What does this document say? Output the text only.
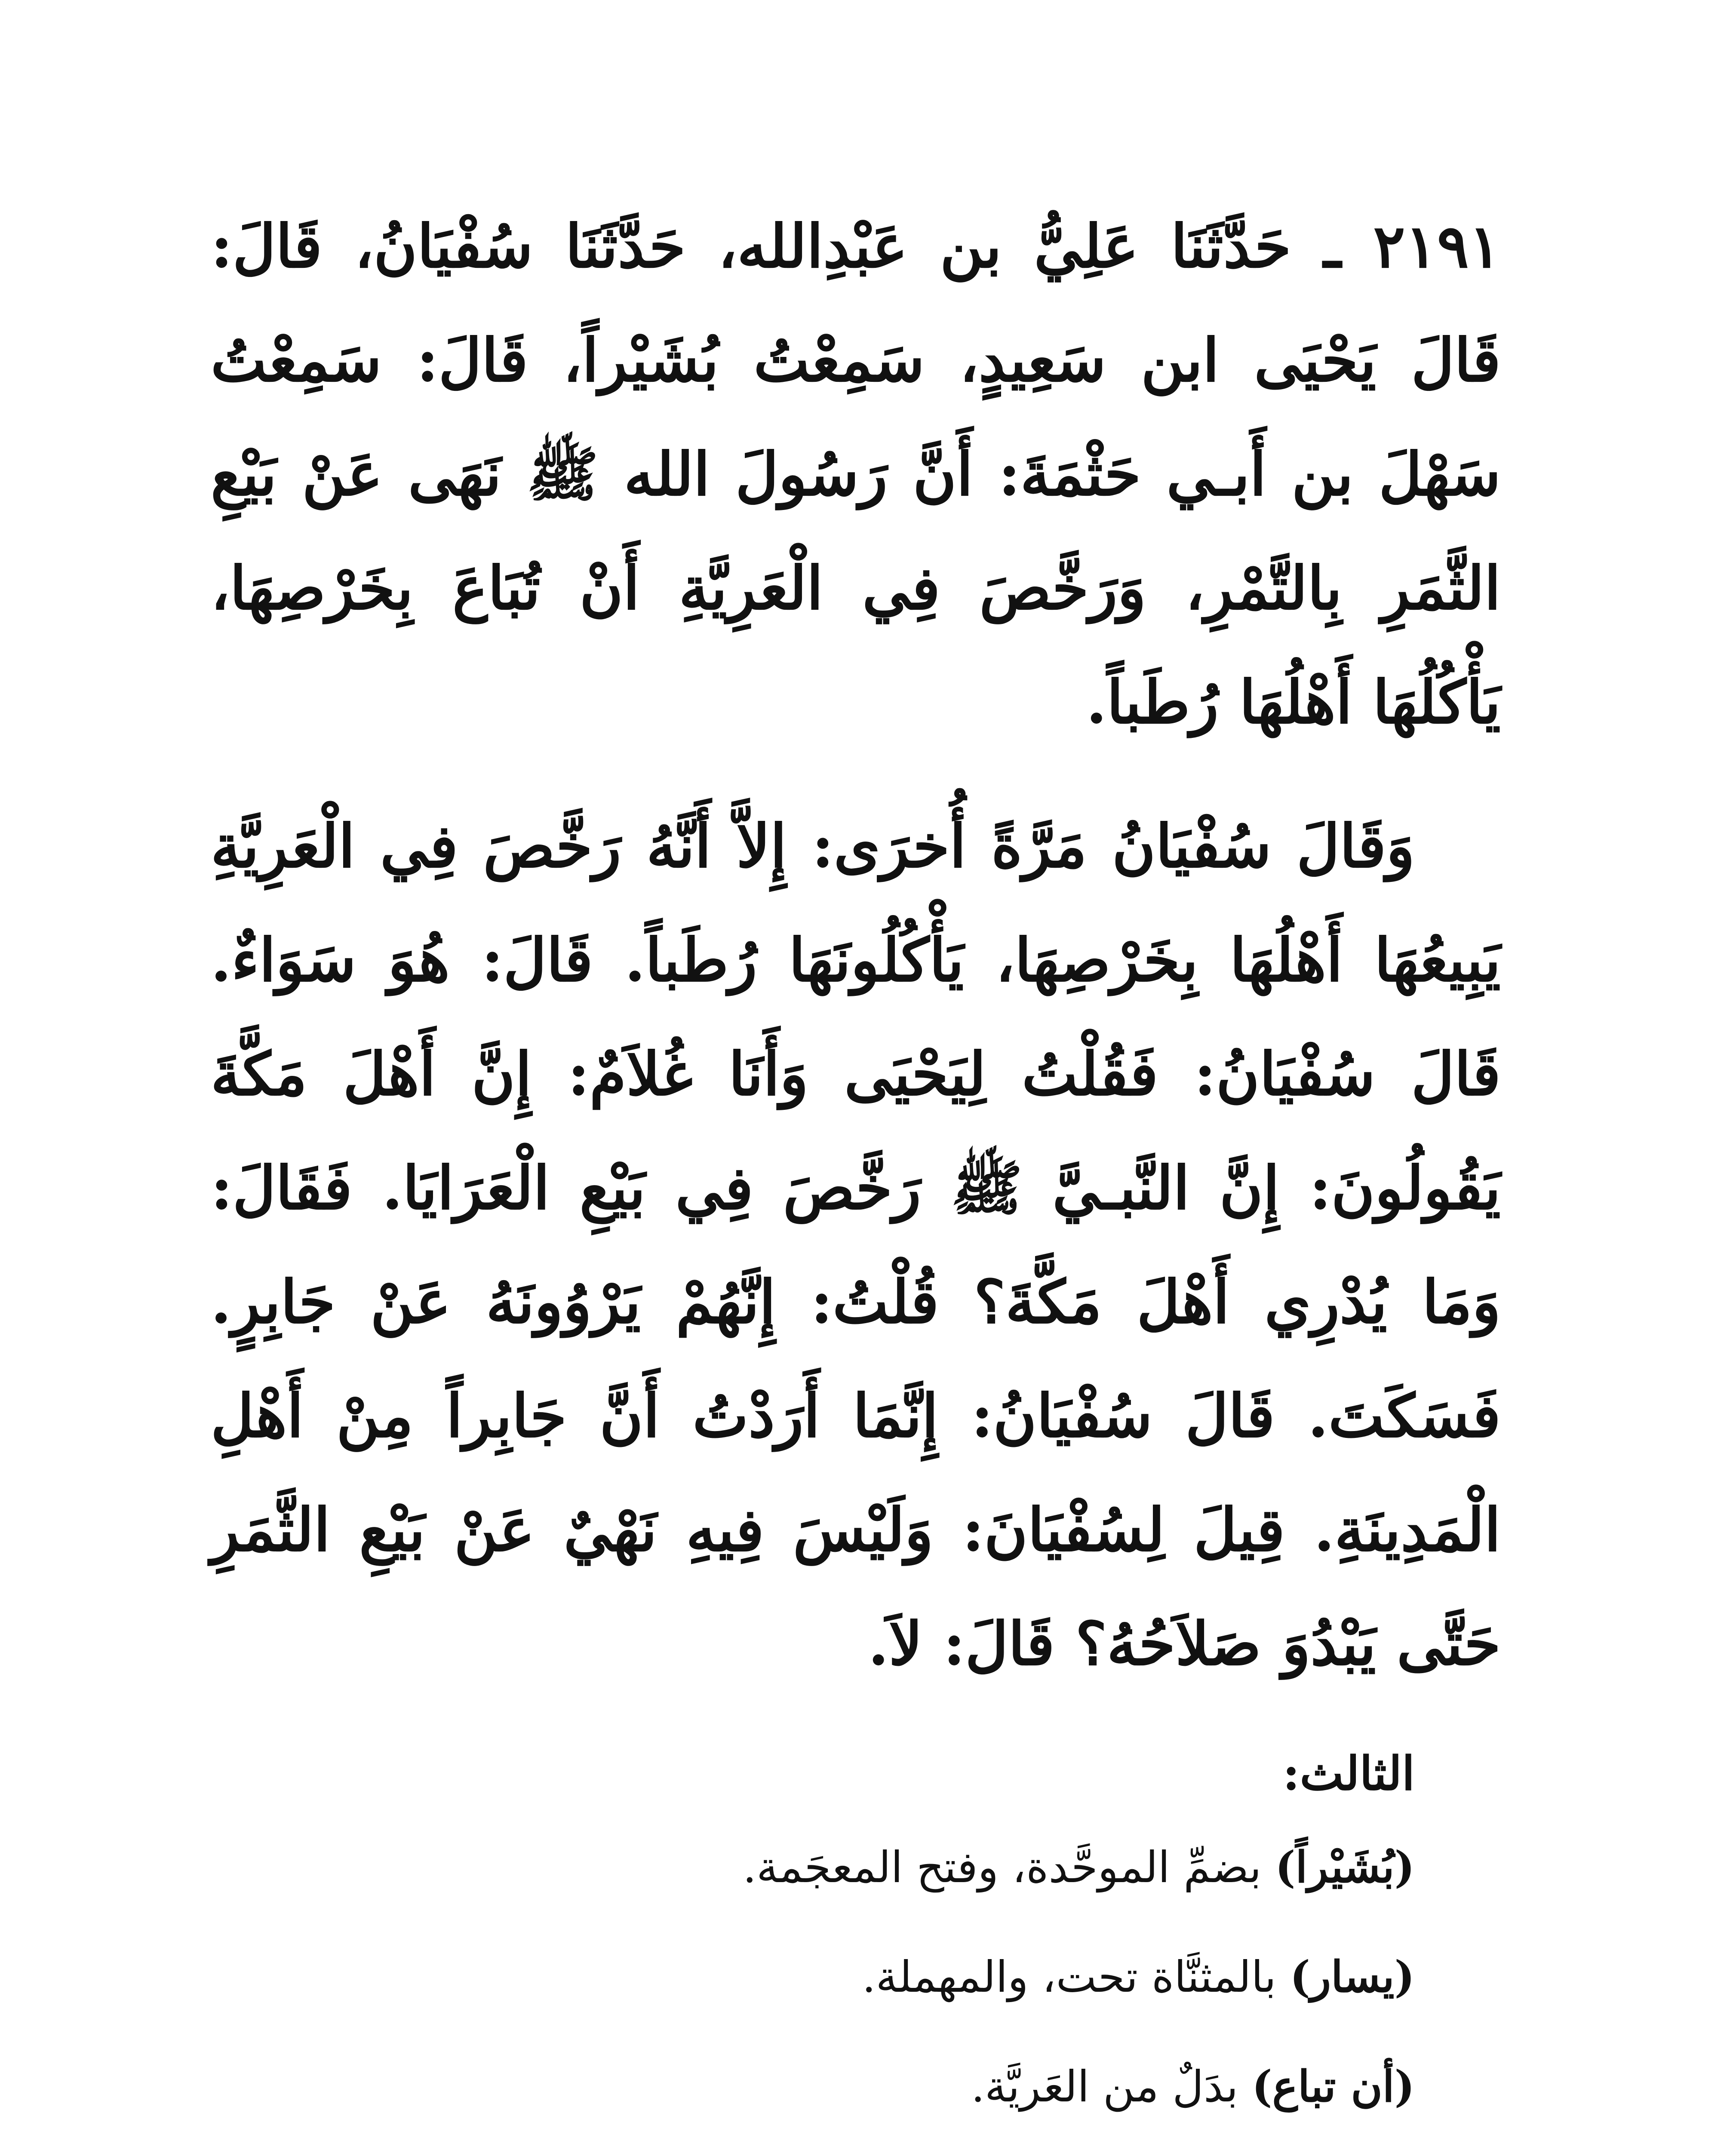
٢١٩١ ـ حَدَّثَنَا عَلِيُّ بن عَبْدِالله، حَدَّثَنَا سُفْيَانُ، قَالَ: قَالَ يَحْيَى ابن سَعِيدٍ، سَمِعْتُ بُشَيْراً، قَالَ: سَمِعْتُ سَهْلَ بن أَبـي حَثْمَةَ: أَنَّ رَسُولَ الله ﷺ نَهَى عَنْ بَيْعِ الثَّمَرِ بِالتَّمْرِ، وَرَخَّصَ فِي الْعَرِيَّةِ أَنْ تُبَاعَ بِخَرْصِهَا، يَأْكُلُهَا أَهْلُهَا رُطَباً.

وَقَالَ سُفْيَانُ مَرَّةً أُخرَى: إِلاَّ أَنَّهُ رَخَّصَ فِي الْعَرِيَّةِ يَبِيعُهَا أَهْلُهَا بِخَرْصِهَا، يَأْكُلُونَهَا رُطَباً. قَالَ: هُوَ سَوَاءٌ. قَالَ سُفْيَانُ: فَقُلْتُ لِيَحْيَى وَأَنَا غُلاَمٌ: إِنَّ أَهْلَ مَكَّةَ يَقُولُونَ: إِنَّ النَّبـيَّ ﷺ رَخَّصَ فِي بَيْعِ الْعَرَايَا. فَقَالَ: وَمَا يُدْرِي أَهْلَ مَكَّةَ؟ قُلْتُ: إِنَّهُمْ يَرْوُونَهُ عَنْ جَابِرٍ. فَسَكَتَ. قَالَ سُفْيَانُ: إِنَّمَا أَرَدْتُ أَنَّ جَابِراً مِنْ أَهْلِ الْمَدِينَةِ. قِيلَ لِسُفْيَانَ: وَلَيْسَ فِيهِ نَهْيٌ عَنْ بَيْعِ الثَّمَرِ حَتَّى يَبْدُوَ صَلاَحُهُ؟ قَالَ: لاَ.

الثالث:

(بُشَيْراً) بضمِّ الموحَّدة، وفتح المعجَمة.

(يسار) بالمثنَّاة تحت، والمهملة.

(أن تباع) بدَلٌ من العَريَّة.
